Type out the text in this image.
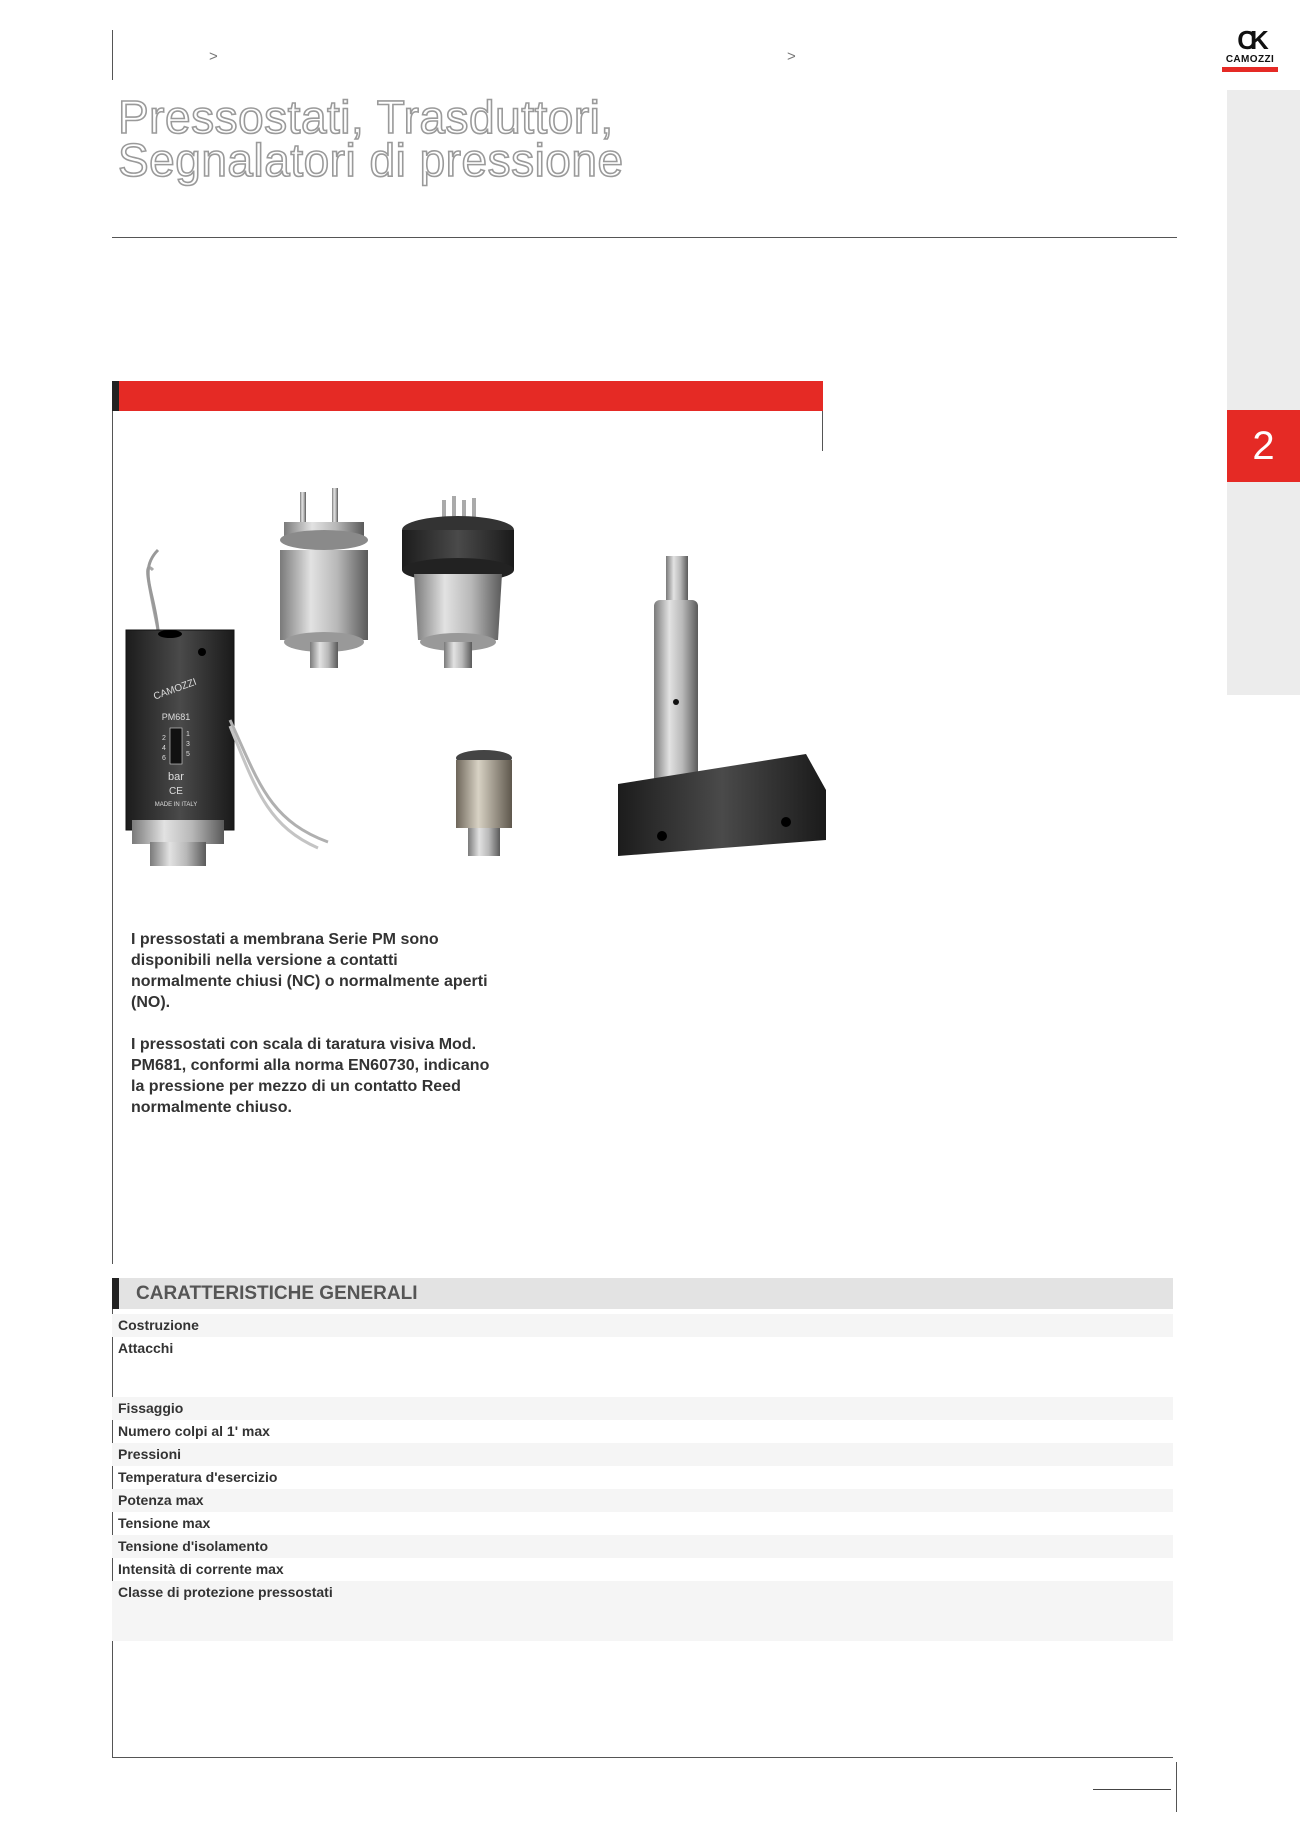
>	>
Pressostati, Trasduttori,
Segnalatori di pressione
CK
CAMOZZI
2
CAMOZZI
PM681
2
4
6
1
3
5
bar
CE
MADE IN ITALY

I pressostati a membrana Serie PM sono disponibili nella versione a contatti normalmente chiusi (NC) o normalmente aperti (NO).

I pressostati con scala di taratura visiva Mod. PM681, conformi alla norma EN60730, indicano la pressione per mezzo di un contatto Reed normalmente chiuso.

CARATTERISTICHE GENERALI
Costruzione
Attacchi
Fissaggio
Numero colpi al 1' max
Pressioni
Temperatura d'esercizio
Potenza max
Tensione max
Tensione d'isolamento
Intensità di corrente max
Classe di protezione pressostati
